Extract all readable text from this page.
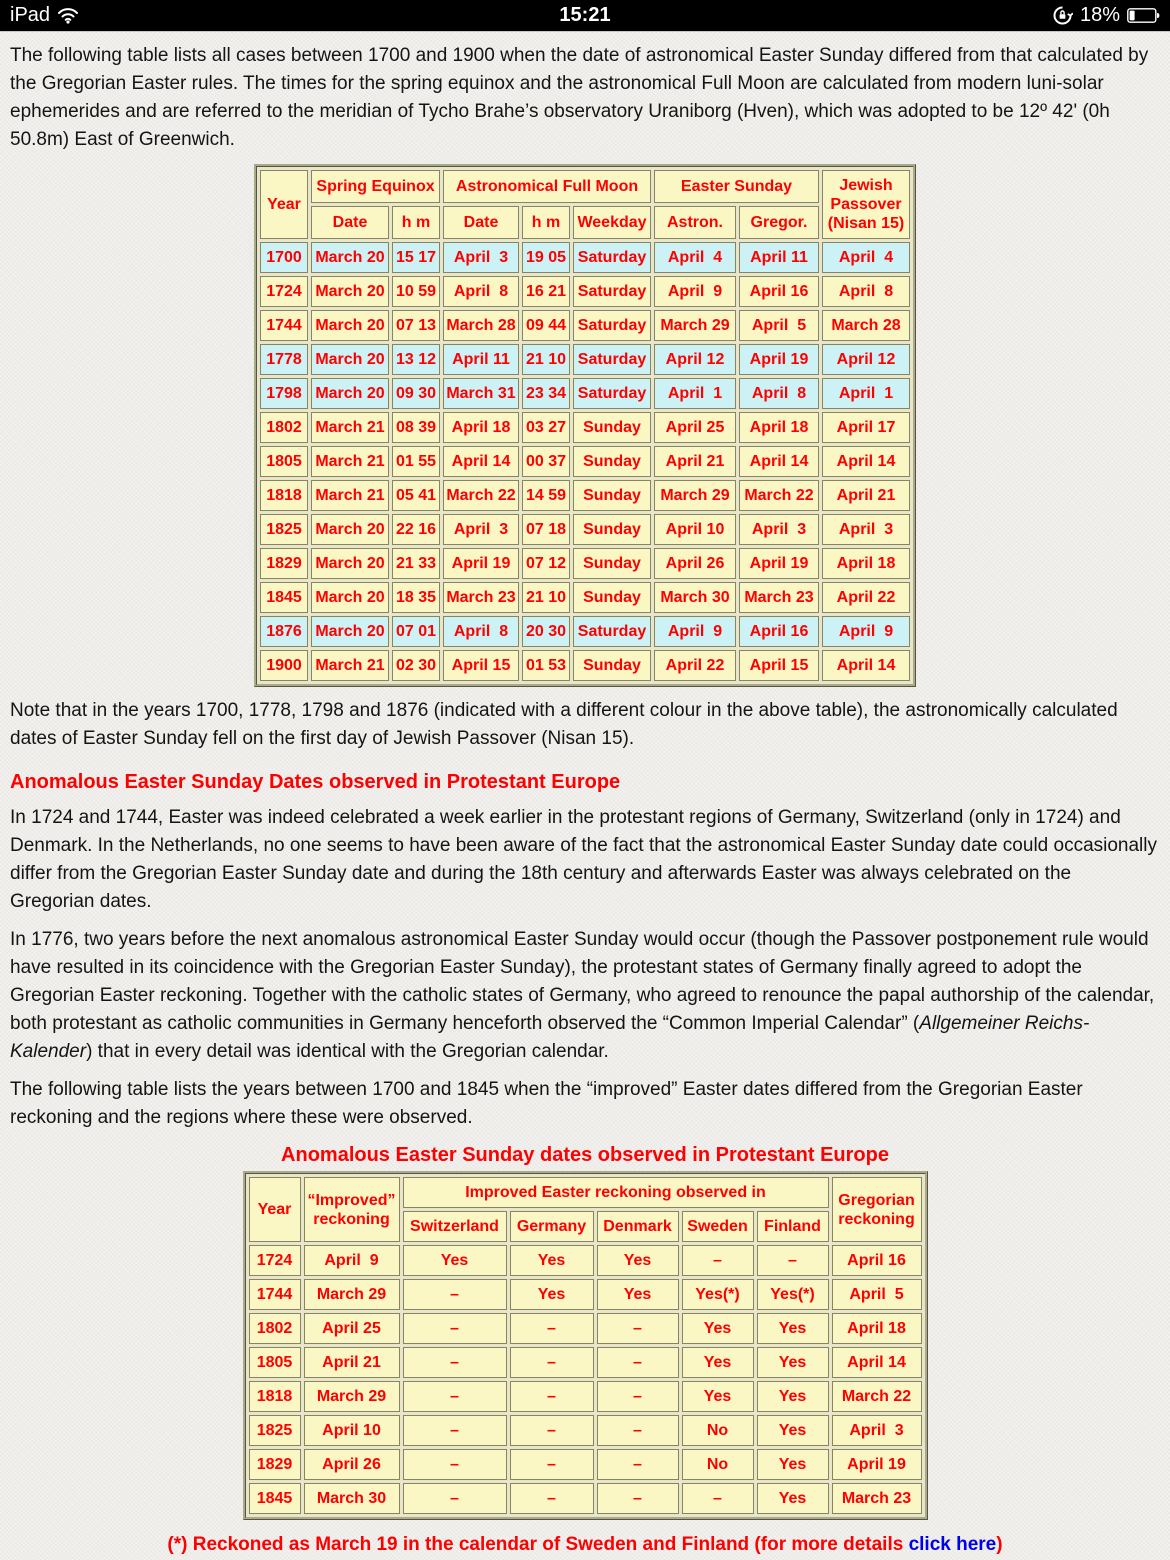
iPad	15:21	18%

The following table lists all cases between 1700 and 1900 when the date of astronomical Easter Sunday differed from that calculated by the Gregorian Easter rules. The times for the spring equinox and the astronomical Full Moon are calculated from modern luni-solar ephemerides and are referred to the meridian of Tycho Brahe’s observatory Uraniborg (Hven), which was adopted to be 12º 42' (0h 50.8m) East of Greenwich.

Year	Spring Equinox		Astronomical Full Moon			Easter Sunday		Jewish Passover (Nisan 15)
	Date	h m	Date	h m	Weekday	Astron.	Gregor.	
1700	March 20	15 17	April  3	19 05	Saturday	April  4	April 11	April  4
1724	March 20	10 59	April  8	16 21	Saturday	April  9	April 16	April  8
1744	March 20	07 13	March 28	09 44	Saturday	March 29	April  5	March 28
1778	March 20	13 12	April 11	21 10	Saturday	April 12	April 19	April 12
1798	March 20	09 30	March 31	23 34	Saturday	April  1	April  8	April  1
1802	March 21	08 39	April 18	03 27	Sunday	April 25	April 18	April 17
1805	March 21	01 55	April 14	00 37	Sunday	April 21	April 14	April 14
1818	March 21	05 41	March 22	14 59	Sunday	March 29	March 22	April 21
1825	March 20	22 16	April  3	07 18	Sunday	April 10	April  3	April  3
1829	March 20	21 33	April 19	07 12	Sunday	April 26	April 19	April 18
1845	March 20	18 35	March 23	21 10	Sunday	March 30	March 23	April 22
1876	March 20	07 01	April  8	20 30	Saturday	April  9	April 16	April  9
1900	March 21	02 30	April 15	01 53	Sunday	April 22	April 15	April 14

Note that in the years 1700, 1778, 1798 and 1876 (indicated with a different colour in the above table), the astronomically calculated dates of Easter Sunday fell on the first day of Jewish Passover (Nisan 15).

Anomalous Easter Sunday Dates observed in Protestant Europe

In 1724 and 1744, Easter was indeed celebrated a week earlier in the protestant regions of Germany, Switzerland (only in 1724) and Denmark. In the Netherlands, no one seems to have been aware of the fact that the astronomical Easter Sunday date could occasionally differ from the Gregorian Easter Sunday date and during the 18th century and afterwards Easter was always celebrated on the Gregorian dates.

In 1776, two years before the next anomalous astronomical Easter Sunday would occur (though the Passover postponement rule would have resulted in its coincidence with the Gregorian Easter Sunday), the protestant states of Germany finally agreed to adopt the Gregorian Easter reckoning. Together with the catholic states of Germany, who agreed to renounce the papal authorship of the calendar, both protestant as catholic communities in Germany henceforth observed the “Common Imperial Calendar” (Allgemeiner Reichs-Kalender) that in every detail was identical with the Gregorian calendar.

The following table lists the years between 1700 and 1845 when the “improved” Easter dates differed from the Gregorian Easter reckoning and the regions where these were observed.

Anomalous Easter Sunday dates observed in Protestant Europe
Year	“Improved” reckoning	Improved Easter reckoning observed in					Gregorian reckoning
		Switzerland	Germany	Denmark	Sweden	Finland	
1724	April  9	Yes	Yes	Yes	–	–	April 16
1744	March 29	–	Yes	Yes	Yes(*)	Yes(*)	April  5
1802	April 25	–	–	–	Yes	Yes	April 18
1805	April 21	–	–	–	Yes	Yes	April 14
1818	March 29	–	–	–	Yes	Yes	March 22
1825	April 10	–	–	–	No	Yes	April  3
1829	April 26	–	–	–	No	Yes	April 19
1845	March 30	–	–	–	–	Yes	March 23
(*) Reckoned as March 19 in the calendar of Sweden and Finland (for more details click here)
